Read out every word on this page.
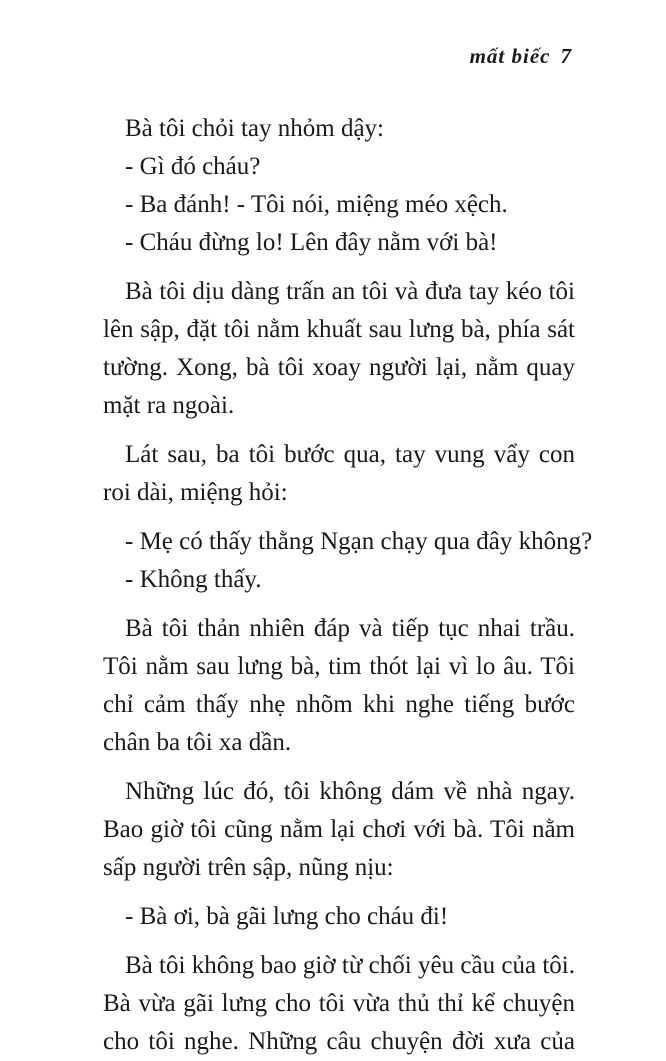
mất biếc 7
Bà tôi chỏi tay nhỏm dậy:
- Gì đó cháu?
- Ba đánh! - Tôi nói, miệng méo xệch.
- Cháu đừng lo! Lên đây nằm với bà!
Bà tôi dịu dàng trấn an tôi và đưa tay kéo tôi
lên sập, đặt tôi nằm khuất sau lưng bà, phía sát
tường. Xong, bà tôi xoay người lại, nằm quay
mặt ra ngoài.
Lát sau, ba tôi bước qua, tay vung vẩy con
roi dài, miệng hỏi:
- Mẹ có thấy thằng Ngạn chạy qua đây không?
- Không thấy.
Bà tôi thản nhiên đáp và tiếp tục nhai trầu.
Tôi nằm sau lưng bà, tim thót lại vì lo âu. Tôi
chỉ cảm thấy nhẹ nhõm khi nghe tiếng bước
chân ba tôi xa dần.
Những lúc đó, tôi không dám về nhà ngay.
Bao giờ tôi cũng nằm lại chơi với bà. Tôi nằm
sấp người trên sập, nũng nịu:
- Bà ơi, bà gãi lưng cho cháu đi!
Bà tôi không bao giờ từ chối yêu cầu của tôi.
Bà vừa gãi lưng cho tôi vừa thủ thỉ kể chuyện
cho tôi nghe. Những câu chuyện đời xưa của
